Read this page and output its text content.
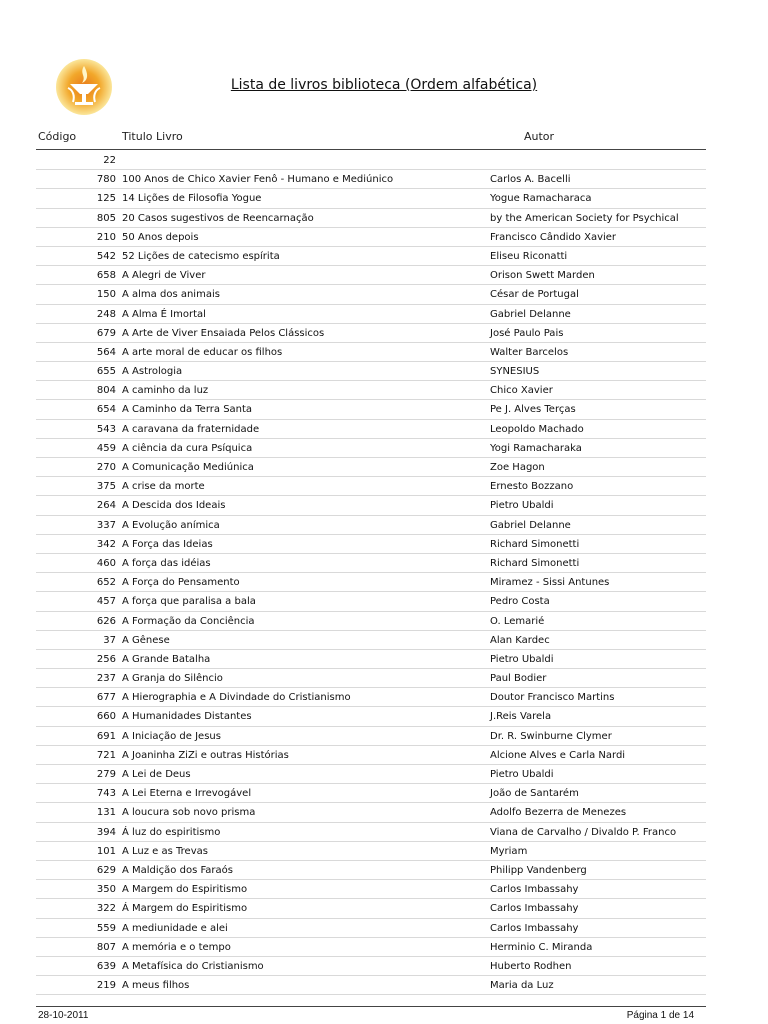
Lista de livros biblioteca (Ordem alfabética)
Código	Titulo Livro	Autor
22
780 100 Anos de Chico Xavier Fenô - Humano e Mediúnico	Carlos A. Bacelli
125 14 Lições de Filosofia Yogue	Yogue Ramacharaca
805 20 Casos sugestivos de Reencarnação	by the American Society for Psychical
210 50 Anos depois	Francisco Cândido Xavier
542 52 Lições de catecismo espírita	Eliseu Riconatti
658 A Alegri de Viver	Orison Swett Marden
150 A alma dos animais	César de Portugal
248 A Alma É Imortal	Gabriel Delanne
679 A Arte de Viver Ensaiada Pelos Clássicos	José Paulo Pais
564 A arte moral de educar os filhos	Walter Barcelos
655 A Astrologia	SYNESIUS
804 A caminho da luz	Chico Xavier
654 A Caminho da Terra Santa	Pe J. Alves Terças
543 A caravana da fraternidade	Leopoldo Machado
459 A ciência da cura Psíquica	Yogi Ramacharaka
270 A Comunicação Mediúnica	Zoe Hagon
375 A crise da morte	Ernesto Bozzano
264 A Descida dos Ideais	Pietro Ubaldi
337 A Evolução anímica	Gabriel Delanne
342 A Força das Ideias	Richard Simonetti
460 A força das idéias	Richard Simonetti
652 A Força do Pensamento	Miramez - Sissi Antunes
457 A força que paralisa a bala	Pedro Costa
626 A Formação da Conciência	O. Lemarié
37 A Gênese	Alan Kardec
256 A Grande Batalha	Pietro Ubaldi
237 A Granja do Silêncio	Paul Bodier
677 A Hierographia e A Divindade do Cristianismo	Doutor Francisco Martins
660 A Humanidades Distantes	J.Reis Varela
691 A Iniciação de Jesus	Dr. R. Swinburne Clymer
721 A Joaninha ZiZi e outras Histórias	Alcione Alves e Carla Nardi
279 A Lei de Deus	Pietro Ubaldi
743 A Lei Eterna e Irrevogável	João de Santarém
131 A loucura sob novo prisma	Adolfo Bezerra de Menezes
394 Á luz do espiritismo	Viana de Carvalho / Divaldo P. Franco
101 A Luz e as Trevas	Myriam
629 A Maldição dos Faraós	Philipp Vandenberg
350 A Margem do Espiritismo	Carlos Imbassahy
322 Á Margem do Espiritismo	Carlos Imbassahy
559 A mediunidade e alei	Carlos Imbassahy
807 A memória e o tempo	Herminio C. Miranda
639 A Metafísica do Cristianismo	Huberto Rodhen
219 A meus filhos	Maria da Luz
28-10-2011	Página 1 de 14
